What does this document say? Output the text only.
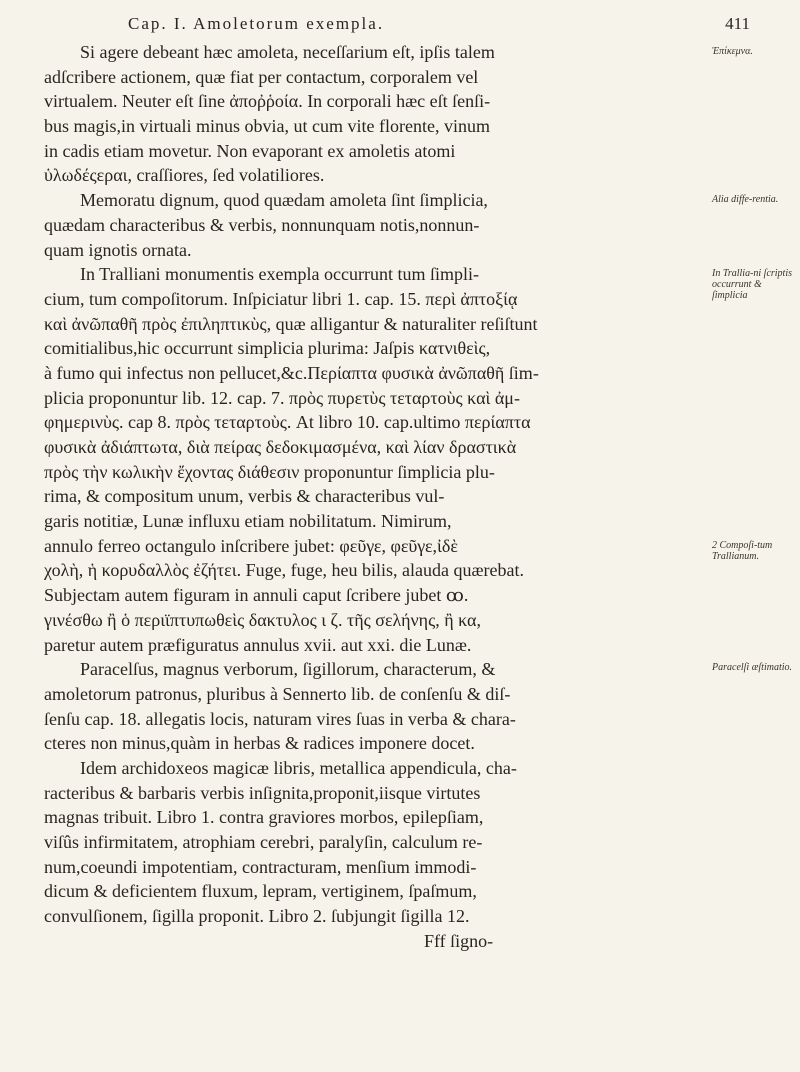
Cap. I. Amoletorum exempla.	411
Si agere debeant hæc amoleta, neceſſarium eſt, ipſis talem
adſcribere actionem, quæ fiat per contactum, corporalem vel
virtualem. Neuter eſt ſine ἀποῤῥοία. In corporali hæc eſt ſenſi-
bus magis,in virtuali minus obvia, ut cum vite florente, vinum
in cadis etiam movetur. Non evaporant ex amoletis atomi
ὑλωδέςεραι, craſſiores, ſed volatiliores.
Memoratu dignum, quod quædam amoleta ſint ſimplicia,
quædam characteribus & verbis, nonnunquam notis,nonnun-
quam ignotis ornata.
In Tralliani monumentis exempla occurrunt tum ſimpli-
cium, tum compoſitorum. Inſpiciatur libri 1. cap. 15. περὶ ἀπτοξίᾳ
καὶ ἀνῶπαθῆ πρὸς ἐπιληπτικὺς, quæ alligantur & naturaliter reſiſtunt
comitialibus,hic occurrunt simplicia plurima: Jaſpis κατνιθεὶς,
à fumo qui infectus non pellucet,&c.Περίαπτα φυσικὰ ἀνῶπαθῆ ſim-
plicia proponuntur lib. 12. cap. 7. πρὸς πυρετὺς τεταρτοὺς καὶ ἀμ-
φημερινὺς. cap 8. πρὸς τεταρτοὺς. At libro 10. cap.ultimo περίαπτα
φυσικὰ ἀδιάπτωτα, διὰ πείρας δεδοκιμασμένα, καὶ λίαν δραστικὰ
πρὸς τὴν κωλικὴν ἔχοντας διάθεσιν proponuntur ſimplicia plu-
rima, & compositum unum, verbis & characteribus vul-
garis notitiæ, Lunæ influxu etiam nobilitatum. Nimirum,
annulo ferreo octangulo inſcribere jubet: φεῦγε, φεῦγε,ἰδὲ
χολὴ, ἡ κορυδαλλὸς ἐζήτει. Fuge, fuge, heu bilis, alauda quærebat.
Subjectam autem figuram in annuli caput ſcribere jubet ꝏ.
γινέσθω ἢ ὁ περιϊπτυπωθεὶς δακτυλος ι ζ. τῆς σελήνης, ἢ κα,
paretur autem præfiguratus annulus xvii. aut xxi. die Lunæ.
Paracelſus, magnus verborum, ſigillorum, characterum, &
amoletorum patronus, pluribus à Sennerto lib. de conſenſu & diſ-
ſenſu cap. 18. allegatis locis, naturam vires ſuas in verba & chara-
cteres non minus,quàm in herbas & radices imponere docet.
Idem archidoxeos magicæ libris, metallica appendicula, cha-
racteribus & barbaris verbis inſignita,proponit,iisque virtutes
magnas tribuit. Libro 1. contra graviores morbos, epilepſiam,
viſûs infirmitatem, atrophiam cerebri, paralyſin, calculum re-
num,coeundi impotentiam, contracturam, menſium immodi-
dicum & deficientem fluxum, lepram, vertiginem, ſpaſmum,
convulſionem, ſigilla proponit. Libro 2. ſubjungit ſigilla 12.
Fff ſigno-
Ἐπίκεμνα.
Alia diffe-rentia.
In Trallia-ni ſcriptis occurrunt & ſimplicia
2 Compoſi-tum Trallianum.
Paracelſi æſtimatio.
